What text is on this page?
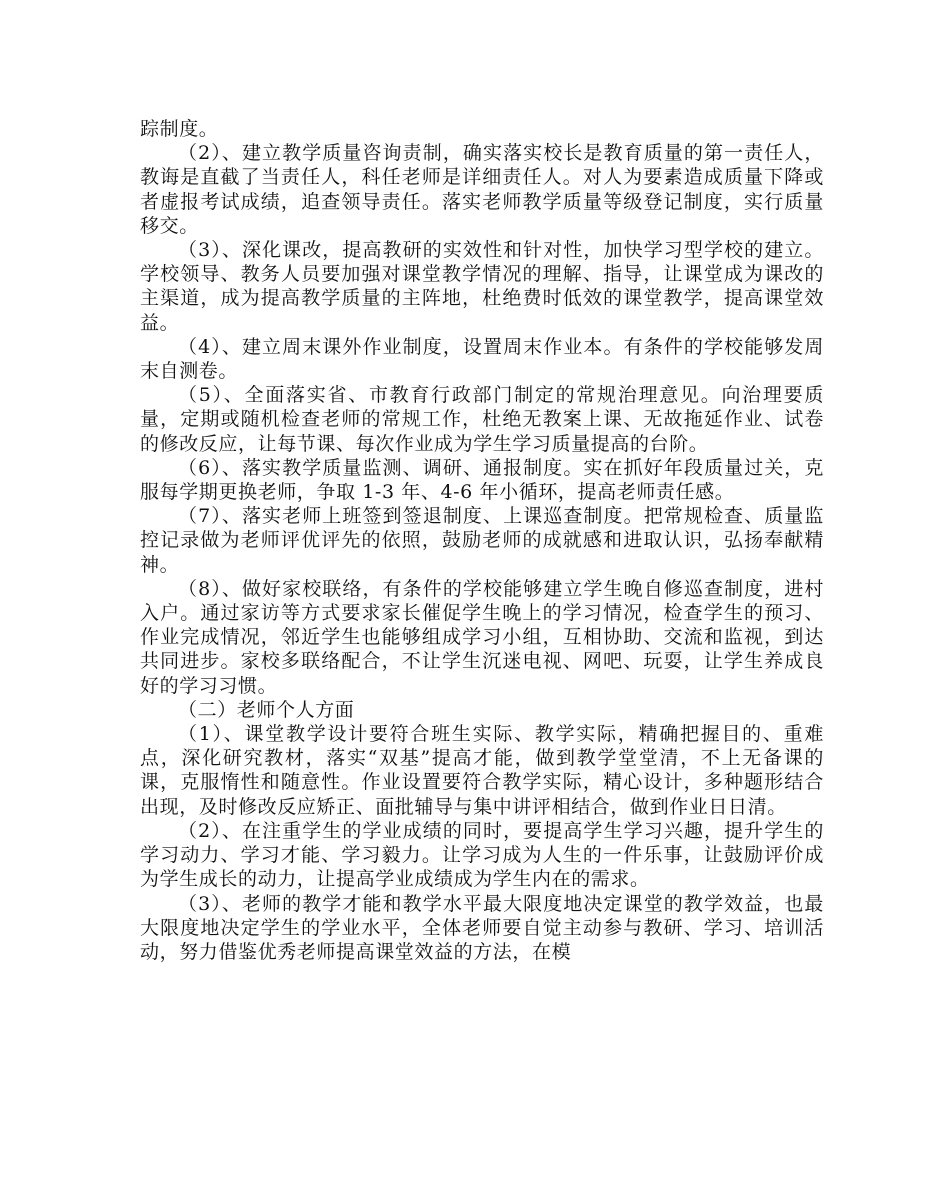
踪制度。

（2）、建立教学质量咨询责制，确实落实校长是教育质量的第一责任人，教诲是直截了当责任人，科任老师是详细责任人。对人为要素造成质量下降或者虚报考试成绩，追查领导责任。落实老师教学质量等级登记制度，实行质量移交。

（3）、深化课改，提高教研的实效性和针对性，加快学习型学校的建立。学校领导、教务人员要加强对课堂教学情况的理解、指导，让课堂成为课改的主渠道，成为提高教学质量的主阵地，杜绝费时低效的课堂教学，提高课堂效益。

（4）、建立周末课外作业制度，设置周末作业本。有条件的学校能够发周末自测卷。

（5）、全面落实省、市教育行政部门制定的常规治理意见。向治理要质量，定期或随机检查老师的常规工作，杜绝无教案上课、无故拖延作业、试卷的修改反应，让每节课、每次作业成为学生学习质量提高的台阶。

（6）、落实教学质量监测、调研、通报制度。实在抓好年段质量过关，克服每学期更换老师，争取 1-3 年、4-6 年小循环，提高老师责任感。

（7）、落实老师上班签到签退制度、上课巡查制度。把常规检查、质量监控记录做为老师评优评先的依照，鼓励老师的成就感和进取认识，弘扬奉献精神。

（8）、做好家校联络，有条件的学校能够建立学生晚自修巡查制度，进村入户。通过家访等方式要求家长催促学生晚上的学习情况，检查学生的预习、作业完成情况，邻近学生也能够组成学习小组，互相协助、交流和监视，到达共同进步。家校多联络配合，不让学生沉迷电视、网吧、玩耍，让学生养成良好的学习习惯。

（二）老师个人方面

（1）、课堂教学设计要符合班生实际、教学实际，精确把握目的、重难点，深化研究教材，落实“双基”提高才能，做到教学堂堂清，不上无备课的课，克服惰性和随意性。作业设置要符合教学实际，精心设计，多种题形结合出现，及时修改反应矫正、面批辅导与集中讲评相结合，做到作业日日清。

（2）、在注重学生的学业成绩的同时，要提高学生学习兴趣，提升学生的学习动力、学习才能、学习毅力。让学习成为人生的一件乐事，让鼓励评价成为学生成长的动力，让提高学业成绩成为学生内在的需求。

（3）、老师的教学才能和教学水平最大限度地决定课堂的教学效益，也最大限度地决定学生的学业水平，全体老师要自觉主动参与教研、学习、培训活动，努力借鉴优秀老师提高课堂效益的方法，在模
